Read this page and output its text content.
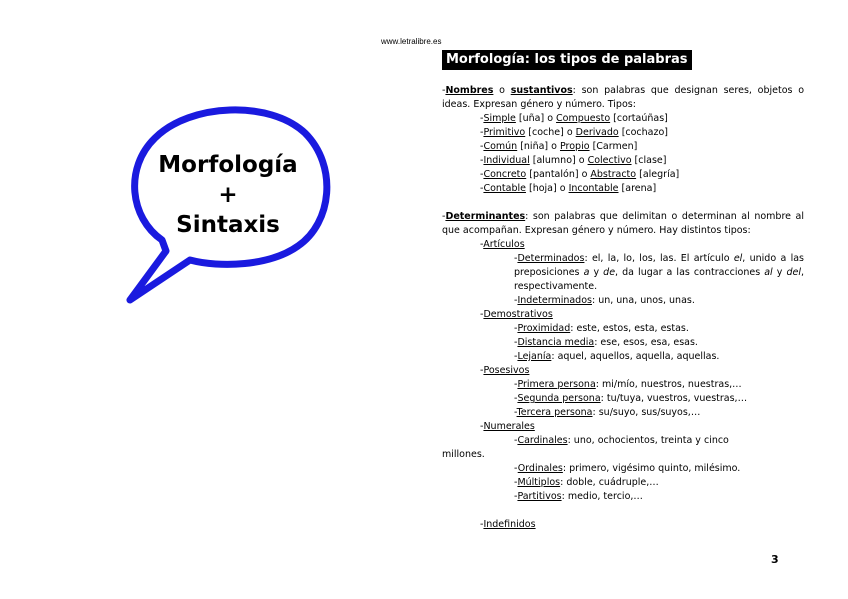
Morfología
+
Sintaxis
www.letralibre.es
Morfología: los tipos de palabras

-Nombres o sustantivos: son palabras que designan seres, objetos o ideas. Expresan género y número. Tipos:

-Simple [uña] o Compuesto [cortaúñas]

-Primitivo [coche] o Derivado [cochazo]

-Común [niña] o Propio [Carmen]

-Individual [alumno] o Colectivo [clase]

-Concreto [pantalón] o Abstracto [alegría]

-Contable [hoja] o Incontable [arena]

-Determinantes: son palabras que delimitan o determinan al nombre al que acompañan. Expresan género y número. Hay distintos tipos:

-Artículos

-Determinados: el, la, lo, los, las. El artículo el, unido a las preposiciones a y de, da lugar a las contracciones al y del, respectivamente.

-Indeterminados: un, una, unos, unas.

-Demostrativos

-Proximidad: este, estos, esta, estas.

-Distancia media: ese, esos, esa, esas.

-Lejanía: aquel, aquellos, aquella, aquellas.

-Posesivos

-Primera persona: mi/mío, nuestros, nuestras,…

-Segunda persona: tu/tuya, vuestros, vuestras,…

-Tercera persona: su/suyo, sus/suyos,…

-Numerales

-Cardinales: uno, ochocientos, treinta y cinco

millones.

-Ordinales: primero, vigésimo quinto, milésimo.

-Múltiplos: doble, cuádruple,…

-Partitivos: medio, tercio,…

-Indefinidos

3
